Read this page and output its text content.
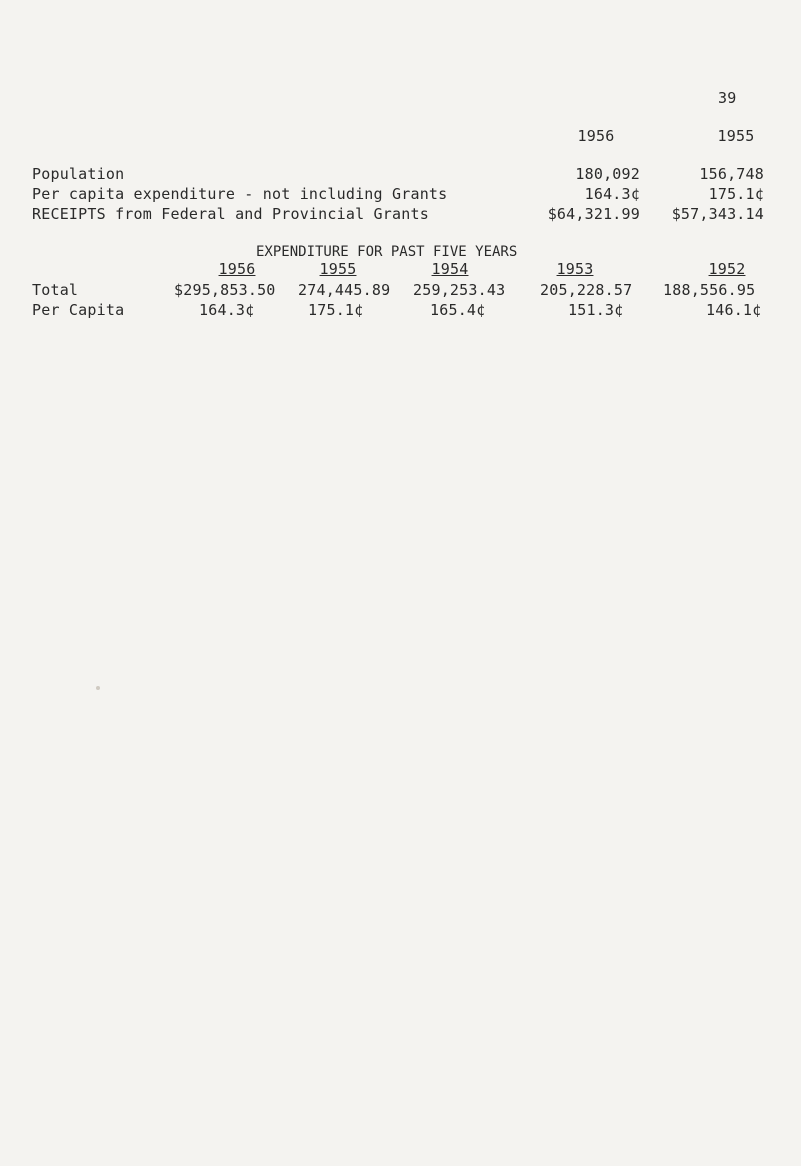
39
1956	1955
Population	180,092	156,748
Per capita expenditure - not including Grants	164.3¢	175.1¢
RECEIPTS from Federal and Provincial Grants	$64,321.99	$57,343.14
EXPENDITURE FOR PAST FIVE YEARS
1956	1955	1954	1953	1952
Total	$295,853.50 274,445.89 259,253.43 205,228.57 188,556.95
Per Capita	164.3¢	175.1¢	165.4¢	151.3¢	146.1¢
